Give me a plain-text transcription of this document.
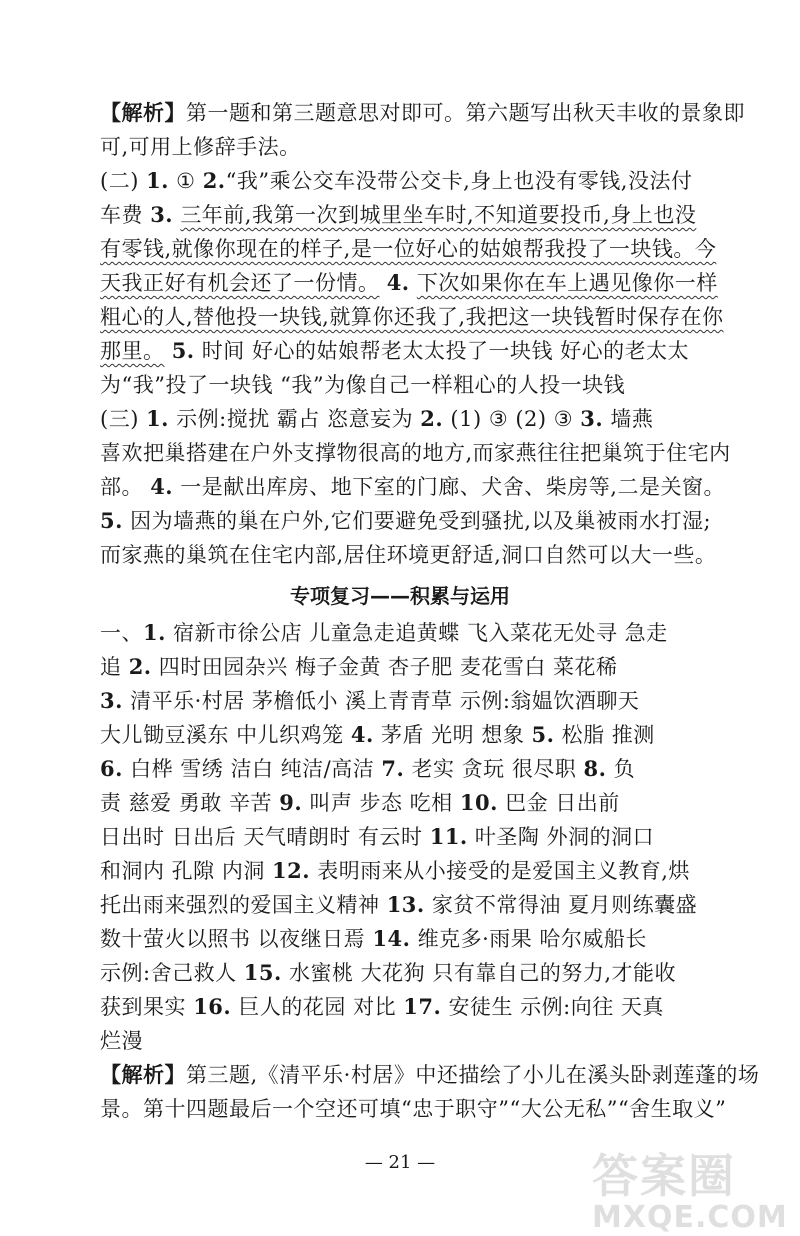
【解析】第一题和第三题意思对即可。第六题写出秋天丰收的景象即
可,可用上修辞手法。
(二) 1. ① 2.“我”乘公交车没带公交卡,身上也没有零钱,没法付
车费 3. 三年前,我第一次到城里坐车时,不知道要投币,身上也没
有零钱,就像你现在的样子,是一位好心的姑娘帮我投了一块钱。今
天我正好有机会还了一份情。 4. 下次如果你在车上遇见像你一样
粗心的人,替他投一块钱,就算你还我了,我把这一块钱暂时保存在你
那里。 5. 时间 好心的姑娘帮老太太投了一块钱 好心的老太太
为“我”投了一块钱 “我”为像自己一样粗心的人投一块钱
(三) 1. 示例:搅扰 霸占 恣意妄为 2. (1) ③ (2) ③ 3. 墙燕
喜欢把巢搭建在户外支撑物很高的地方,而家燕往往把巢筑于住宅内
部。 4. 一是献出库房、地下室的门廊、犬舍、柴房等,二是关窗。
5. 因为墙燕的巢在户外,它们要避免受到骚扰,以及巢被雨水打湿;
而家燕的巢筑在住宅内部,居住环境更舒适,洞口自然可以大一些。
专项复习——积累与运用
一、1. 宿新市徐公店 儿童急走追黄蝶 飞入菜花无处寻 急走
追 2. 四时田园杂兴 梅子金黄 杏子肥 麦花雪白 菜花稀
3. 清平乐·村居 茅檐低小 溪上青青草 示例:翁媪饮酒聊天
大儿锄豆溪东 中儿织鸡笼 4. 茅盾 光明 想象 5. 松脂 推测
6. 白桦 雪绣 洁白 纯洁/高洁 7. 老实 贪玩 很尽职 8. 负
责 慈爱 勇敢 辛苦 9. 叫声 步态 吃相 10. 巴金 日出前
日出时 日出后 天气晴朗时 有云时 11. 叶圣陶 外洞的洞口
和洞内 孔隙 内洞 12. 表明雨来从小接受的是爱国主义教育,烘
托出雨来强烈的爱国主义精神 13. 家贫不常得油 夏月则练囊盛
数十萤火以照书 以夜继日焉 14. 维克多·雨果 哈尔威船长
示例:舍己救人 15. 水蜜桃 大花狗 只有靠自己的努力,才能收
获到果实 16. 巨人的花园 对比 17. 安徒生 示例:向往 天真
烂漫
【解析】第三题,《清平乐·村居》中还描绘了小儿在溪头卧剥莲蓬的场
景。第十四题最后一个空还可填“忠于职守”“大公无私”“舍生取义”
— 21 —	答案圈
MXQE.COM
